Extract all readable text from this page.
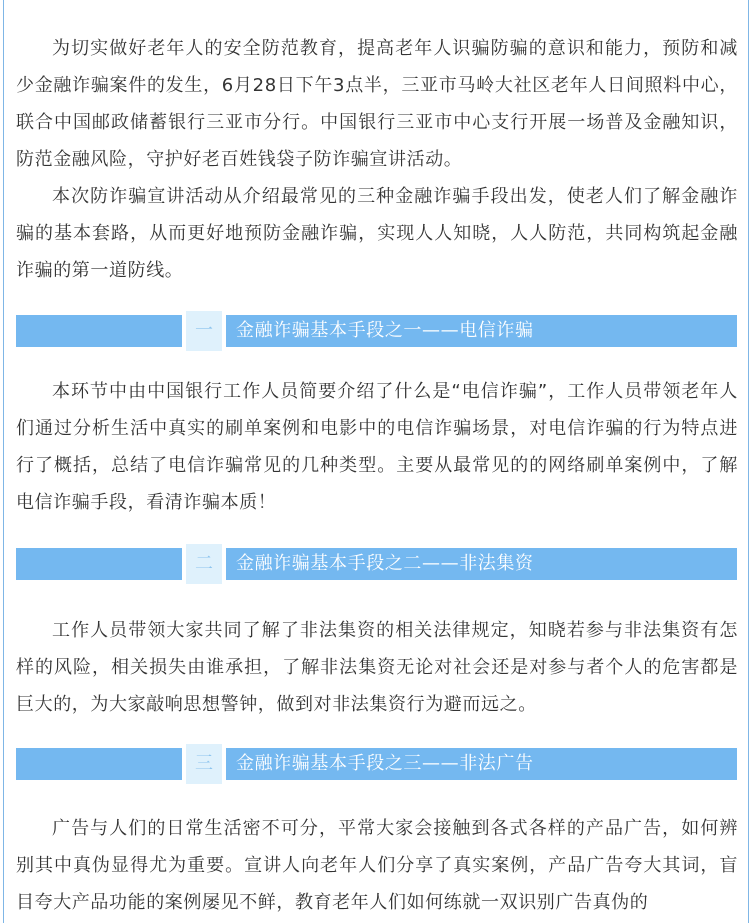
为切实做好老年人的安全防范教育，提高老年人识骗防骗的意识和能力，预防和减少金融诈骗案件的发生，6月28日下午3点半，三亚市马岭大社区老年人日间照料中心，联合中国邮政储蓄银行三亚市分行。中国银行三亚市中心支行开展一场普及金融知识，防范金融风险，守护好老百姓钱袋子防诈骗宣讲活动。

本次防诈骗宣讲活动从介绍最常见的三种金融诈骗手段出发，使老人们了解金融诈骗的基本套路，从而更好地预防金融诈骗，实现人人知晓，人人防范，共同构筑起金融诈骗的第一道防线。

一	金融诈骗基本手段之一——电信诈骗

本环节中由中国银行工作人员简要介绍了什么是“电信诈骗”，工作人员带领老年人们通过分析生活中真实的刷单案例和电影中的电信诈骗场景，对电信诈骗的行为特点进行了概括，总结了电信诈骗常见的几种类型。主要从最常见的的网络刷单案例中，了解电信诈骗手段，看清诈骗本质！

二	金融诈骗基本手段之二——非法集资

工作人员带领大家共同了解了非法集资的相关法律规定，知晓若参与非法集资有怎样的风险，相关损失由谁承担，了解非法集资无论对社会还是对参与者个人的危害都是巨大的，为大家敲响思想警钟，做到对非法集资行为避而远之。

三	金融诈骗基本手段之三——非法广告

广告与人们的日常生活密不可分，平常大家会接触到各式各样的产品广告，如何辨别其中真伪显得尤为重要。宣讲人向老年人们分享了真实案例，产品广告夸大其词，盲目夸大产品功能的案例屡见不鲜，教育老年人们如何练就一双识别广告真伪的
